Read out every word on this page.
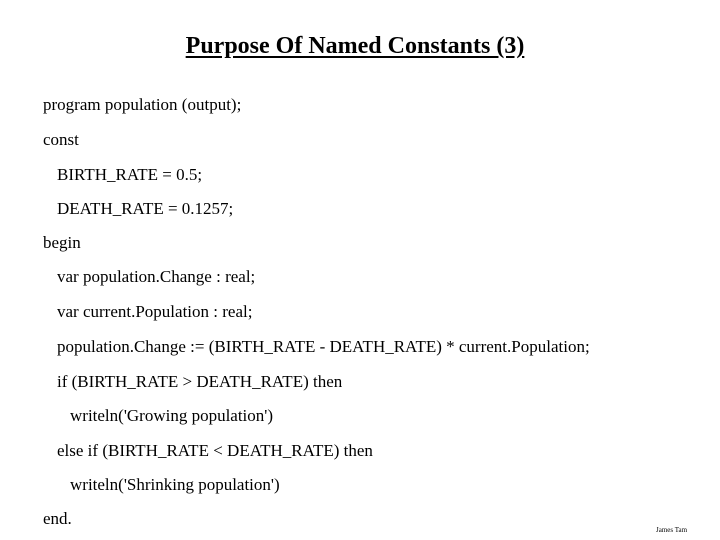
Purpose Of Named Constants (3)
program population (output);
const
BIRTH_RATE = 0.5;
DEATH_RATE = 0.1257;
begin
var population.Change : real;
var current.Population : real;
population.Change := (BIRTH_RATE - DEATH_RATE) * current.Population;
if (BIRTH_RATE > DEATH_RATE) then
writeln('Growing population')
else if (BIRTH_RATE < DEATH_RATE) then
writeln('Shrinking population')
end.
James Tam
